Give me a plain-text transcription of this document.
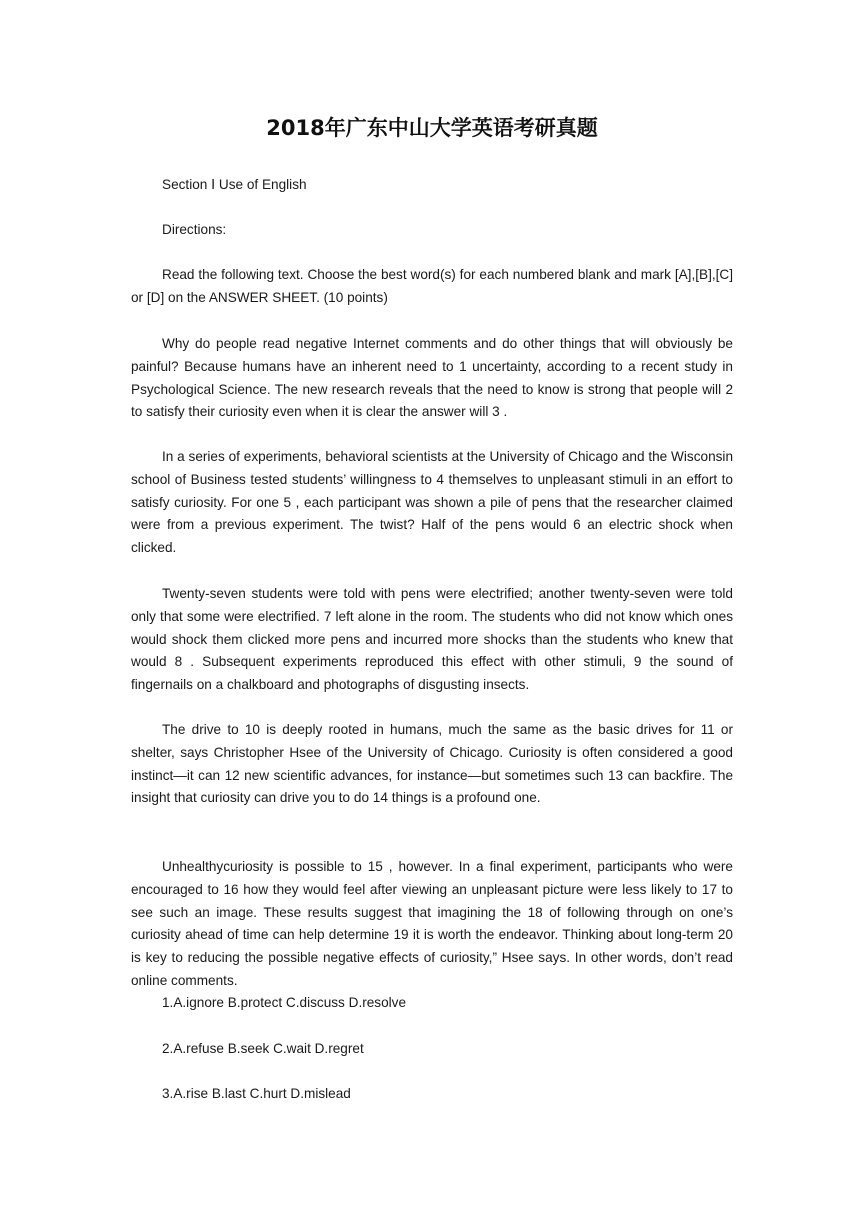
2018年广东中山大学英语考研真题

Section Ⅰ Use of English

Directions:

Read the following text. Choose the best word(s) for each numbered blank and mark [A],[B],[C] or [D] on the ANSWER SHEET. (10 points)

Why do people read negative Internet comments and do other things that will obviously be painful? Because humans have an inherent need to 1 uncertainty, according to a recent study in Psychological Science. The new research reveals that the need to know is strong that people will 2 to satisfy their curiosity even when it is clear the answer will 3 .

In a series of experiments, behavioral scientists at the University of Chicago and the Wisconsin school of Business tested students’ willingness to 4 themselves to unpleasant stimuli in an effort to satisfy curiosity. For one 5 , each participant was shown a pile of pens that the researcher claimed were from a previous experiment. The twist? Half of the pens would 6 an electric shock when clicked.

Twenty-seven students were told with pens were electrified; another twenty-seven were told only that some were electrified. 7 left alone in the room. The students who did not know which ones would shock them clicked more pens and incurred more shocks than the students who knew that would 8 . Subsequent experiments reproduced this effect with other stimuli, 9 the sound of fingernails on a chalkboard and photographs of disgusting insects.

The drive to 10 is deeply rooted in humans, much the same as the basic drives for 11 or shelter, says Christopher Hsee of the University of Chicago. Curiosity is often considered a good instinct—it can 12 new scientific advances, for instance—but sometimes such 13 can backfire. The insight that curiosity can drive you to do 14 things is a profound one.

Unhealthycuriosity is possible to 15 , however. In a final experiment, participants who were encouraged to 16 how they would feel after viewing an unpleasant picture were less likely to 17 to see such an image. These results suggest that imagining the 18 of following through on one’s curiosity ahead of time can help determine 19 it is worth the endeavor. Thinking about long-term 20 is key to reducing the possible negative effects of curiosity,” Hsee says. In other words, don’t read online comments.

1.A.ignore B.protect C.discuss D.resolve

2.A.refuse B.seek C.wait D.regret

3.A.rise B.last C.hurt D.mislead
